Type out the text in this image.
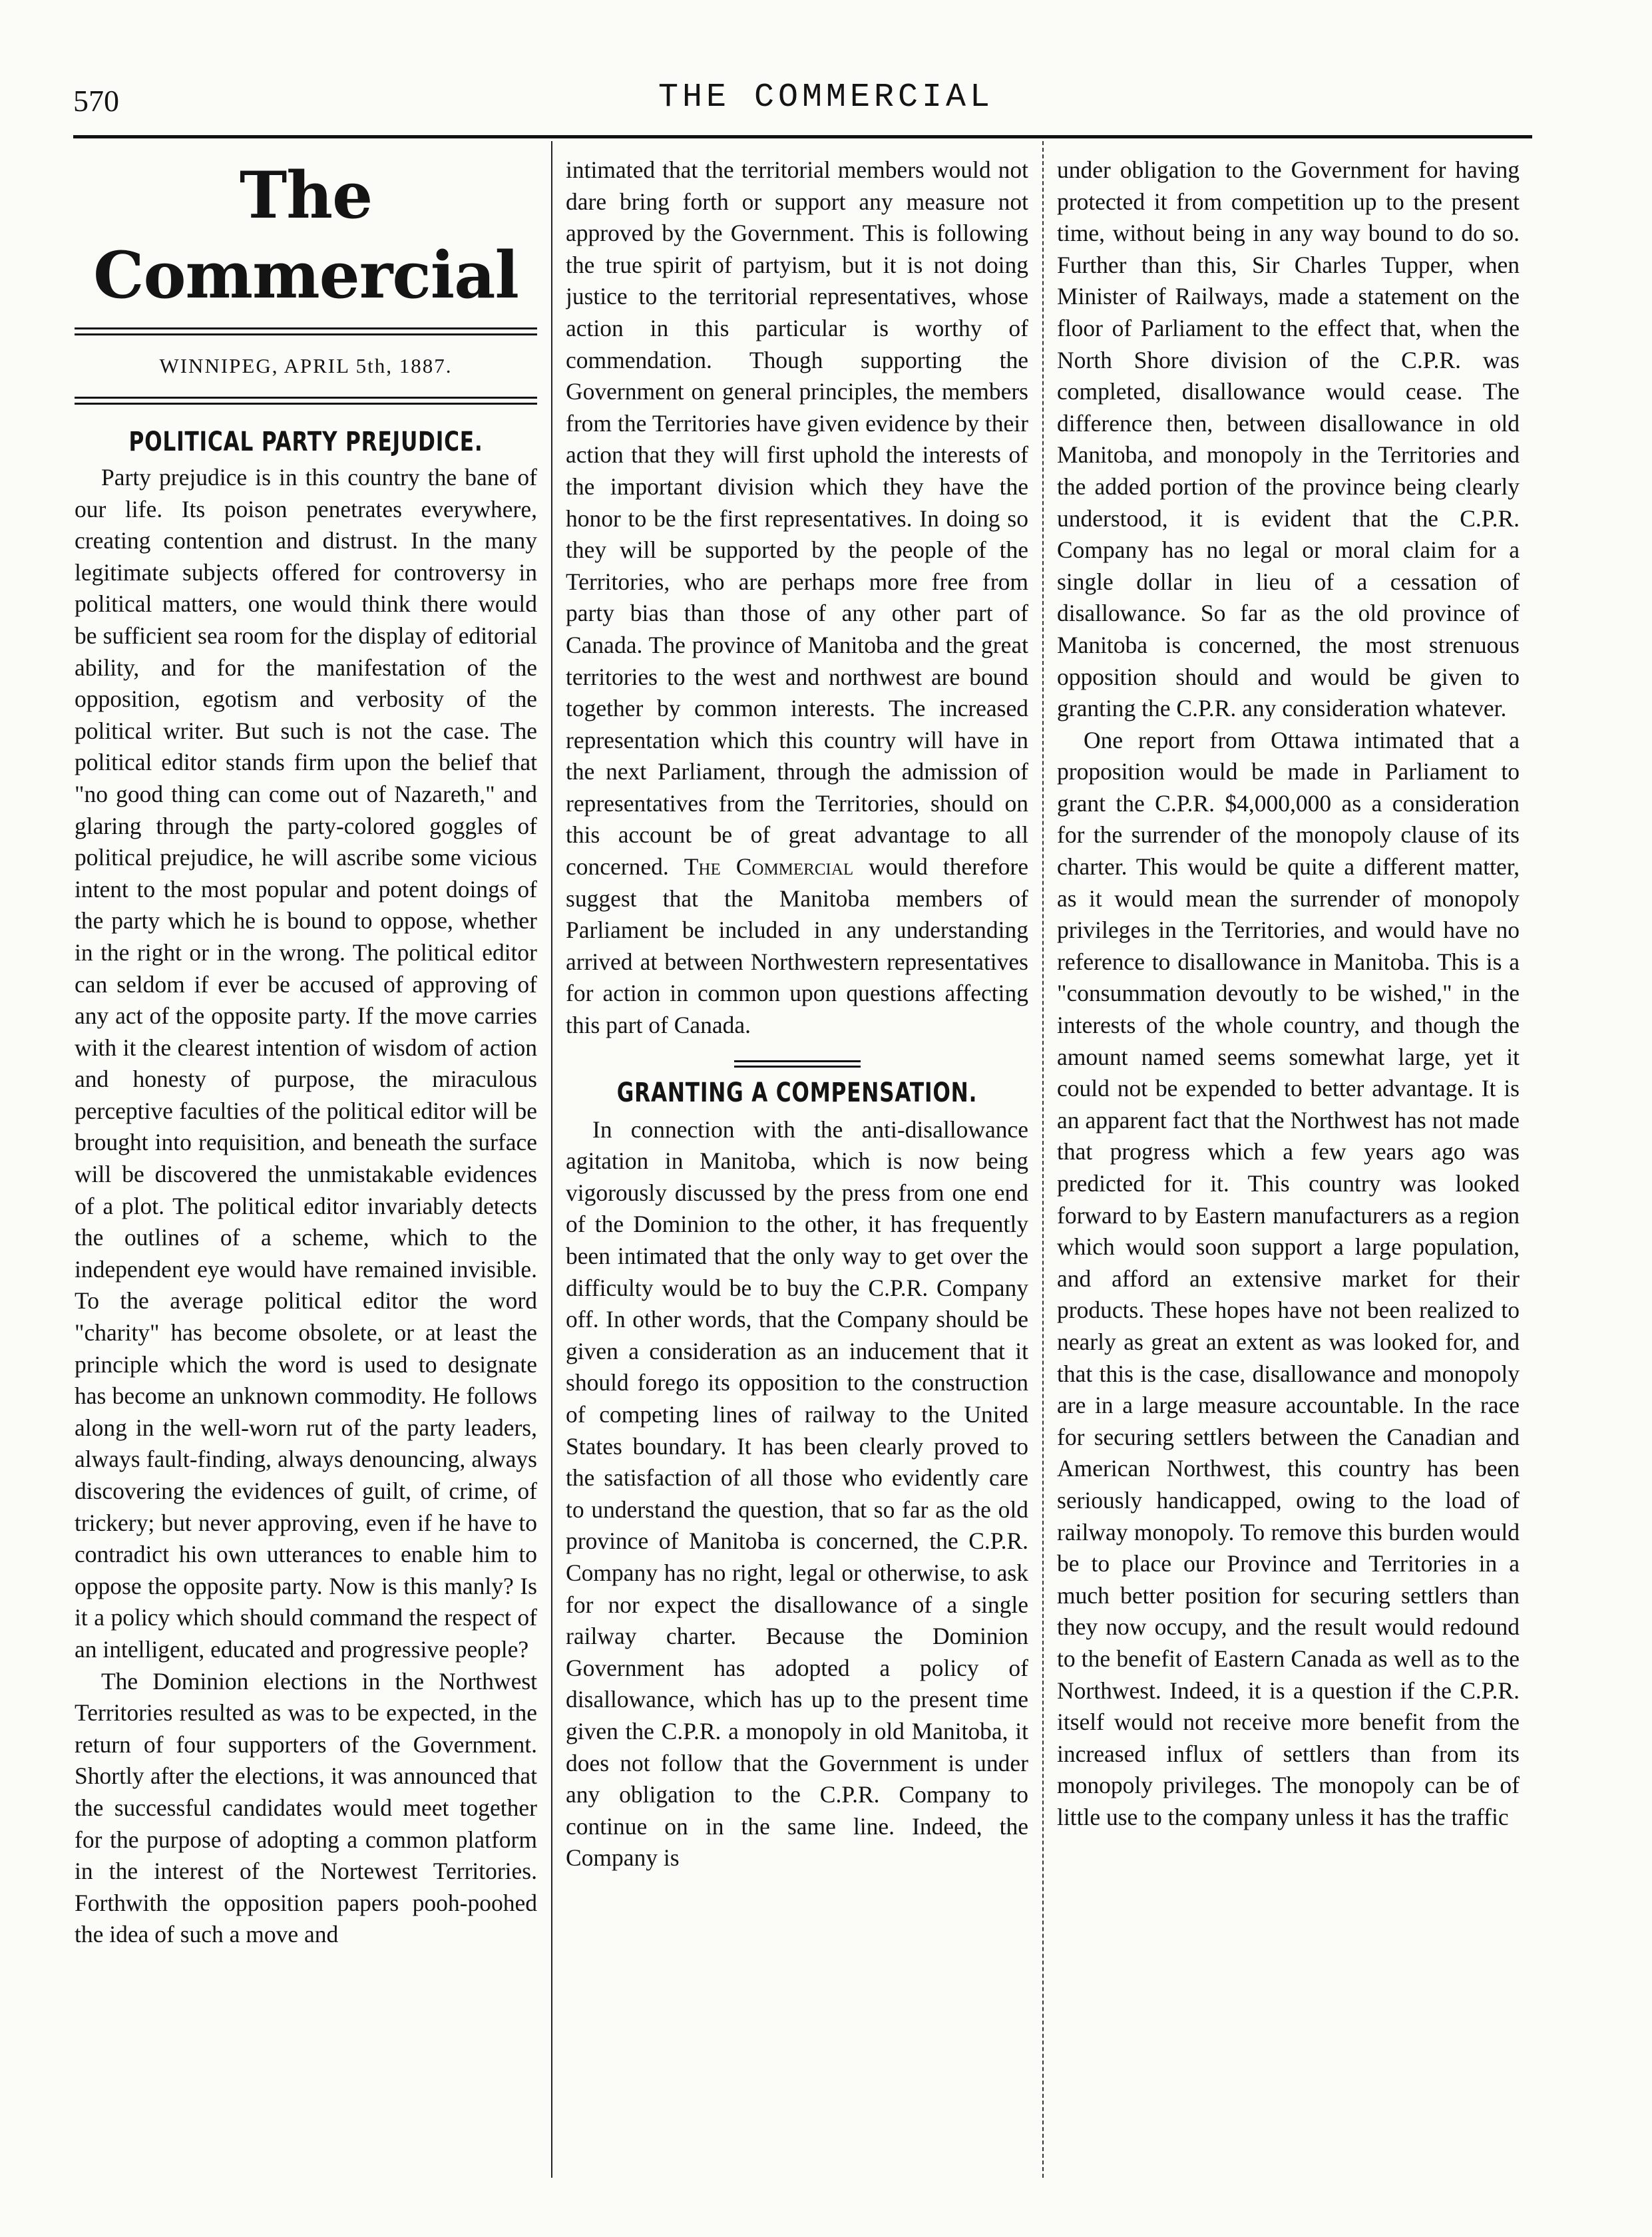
570	THE COMMERCIAL
The Commercial
WINNIPEG, APRIL 5th, 1887.
POLITICAL PARTY PREJUDICE.

Party prejudice is in this country the bane of our life. Its poison penetrates everywhere, creating contention and distrust. In the many legitimate subjects offered for controversy in political matters, one would think there would be sufficient sea room for the display of editorial ability, and for the manifestation of the opposition, egotism and verbosity of the political writer. But such is not the case. The political editor stands firm upon the belief that "no good thing can come out of Nazareth," and glaring through the party-colored goggles of political prejudice, he will ascribe some vicious intent to the most popular and potent doings of the party which he is bound to oppose, whether in the right or in the wrong. The political editor can seldom if ever be accused of approving of any act of the opposite party. If the move carries with it the clearest intention of wisdom of action and honesty of purpose, the miraculous perceptive faculties of the political editor will be brought into requisition, and beneath the surface will be discovered the unmistakable evidences of a plot. The political editor invariably detects the outlines of a scheme, which to the independent eye would have remained invisible. To the average political editor the word "charity" has become obsolete, or at least the principle which the word is used to designate has become an unknown commodity. He follows along in the well-worn rut of the party leaders, always fault-finding, always denouncing, always discovering the evidences of guilt, of crime, of trickery; but never approving, even if he have to contradict his own utterances to enable him to oppose the opposite party. Now is this manly? Is it a policy which should command the respect of an intelligent, educated and progressive people?

The Dominion elections in the Northwest Territories resulted as was to be expected, in the return of four supporters of the Government. Shortly after the elections, it was announced that the successful candidates would meet together for the purpose of adopting a common platform in the interest of the Nortewest Territories. Forthwith the opposition papers pooh-poohed the idea of such a move and

intimated that the territorial members would not dare bring forth or support any measure not approved by the Government. This is following the true spirit of partyism, but it is not doing justice to the territorial representatives, whose action in this particular is worthy of commendation. Though supporting the Government on general principles, the members from the Territories have given evidence by their action that they will first uphold the interests of the important division which they have the honor to be the first representatives. In doing so they will be supported by the people of the Territories, who are perhaps more free from party bias than those of any other part of Canada. The province of Manitoba and the great territories to the west and northwest are bound together by common interests. The increased representation which this country will have in the next Parliament, through the admission of representatives from the Territories, should on this account be of great advantage to all concerned. The Commercial would therefore suggest that the Manitoba members of Parliament be included in any understanding arrived at between Northwestern representatives for action in common upon questions affecting this part of Canada.

GRANTING A COMPENSATION.

In connection with the anti-disallowance agitation in Manitoba, which is now being vigorously discussed by the press from one end of the Dominion to the other, it has frequently been intimated that the only way to get over the difficulty would be to buy the C.P.R. Company off. In other words, that the Company should be given a consideration as an inducement that it should forego its opposition to the construction of competing lines of railway to the United States boundary. It has been clearly proved to the satisfaction of all those who evidently care to understand the question, that so far as the old province of Manitoba is concerned, the C.P.R. Company has no right, legal or otherwise, to ask for nor expect the disallowance of a single railway charter. Because the Dominion Government has adopted a policy of disallowance, which has up to the present time given the C.P.R. a monopoly in old Manitoba, it does not follow that the Government is under any obligation to the C.P.R. Company to continue on in the same line. Indeed, the Company is

under obligation to the Government for having protected it from competition up to the present time, without being in any way bound to do so. Further than this, Sir Charles Tupper, when Minister of Railways, made a statement on the floor of Parliament to the effect that, when the North Shore division of the C.P.R. was completed, disallowance would cease. The difference then, between disallowance in old Manitoba, and monopoly in the Territories and the added portion of the province being clearly understood, it is evident that the C.P.R. Company has no legal or moral claim for a single dollar in lieu of a cessation of disallowance. So far as the old province of Manitoba is concerned, the most strenuous opposition should and would be given to granting the C.P.R. any consideration whatever.

One report from Ottawa intimated that a proposition would be made in Parliament to grant the C.P.R. $4,000,000 as a consideration for the surrender of the monopoly clause of its charter. This would be quite a different matter, as it would mean the surrender of monopoly privileges in the Territories, and would have no reference to disallowance in Manitoba. This is a "consummation devoutly to be wished," in the interests of the whole country, and though the amount named seems somewhat large, yet it could not be expended to better advantage. It is an apparent fact that the Northwest has not made that progress which a few years ago was predicted for it. This country was looked forward to by Eastern manufacturers as a region which would soon support a large population, and afford an extensive market for their products. These hopes have not been realized to nearly as great an extent as was looked for, and that this is the case, disallowance and monopoly are in a large measure accountable. In the race for securing settlers between the Canadian and American Northwest, this country has been seriously handicapped, owing to the load of railway monopoly. To remove this burden would be to place our Province and Territories in a much better position for securing settlers than they now occupy, and the result would redound to the benefit of Eastern Canada as well as to the Northwest. Indeed, it is a question if the C.P.R. itself would not receive more benefit from the increased influx of settlers than from its monopoly privileges. The monopoly can be of little use to the company unless it has the traffic
